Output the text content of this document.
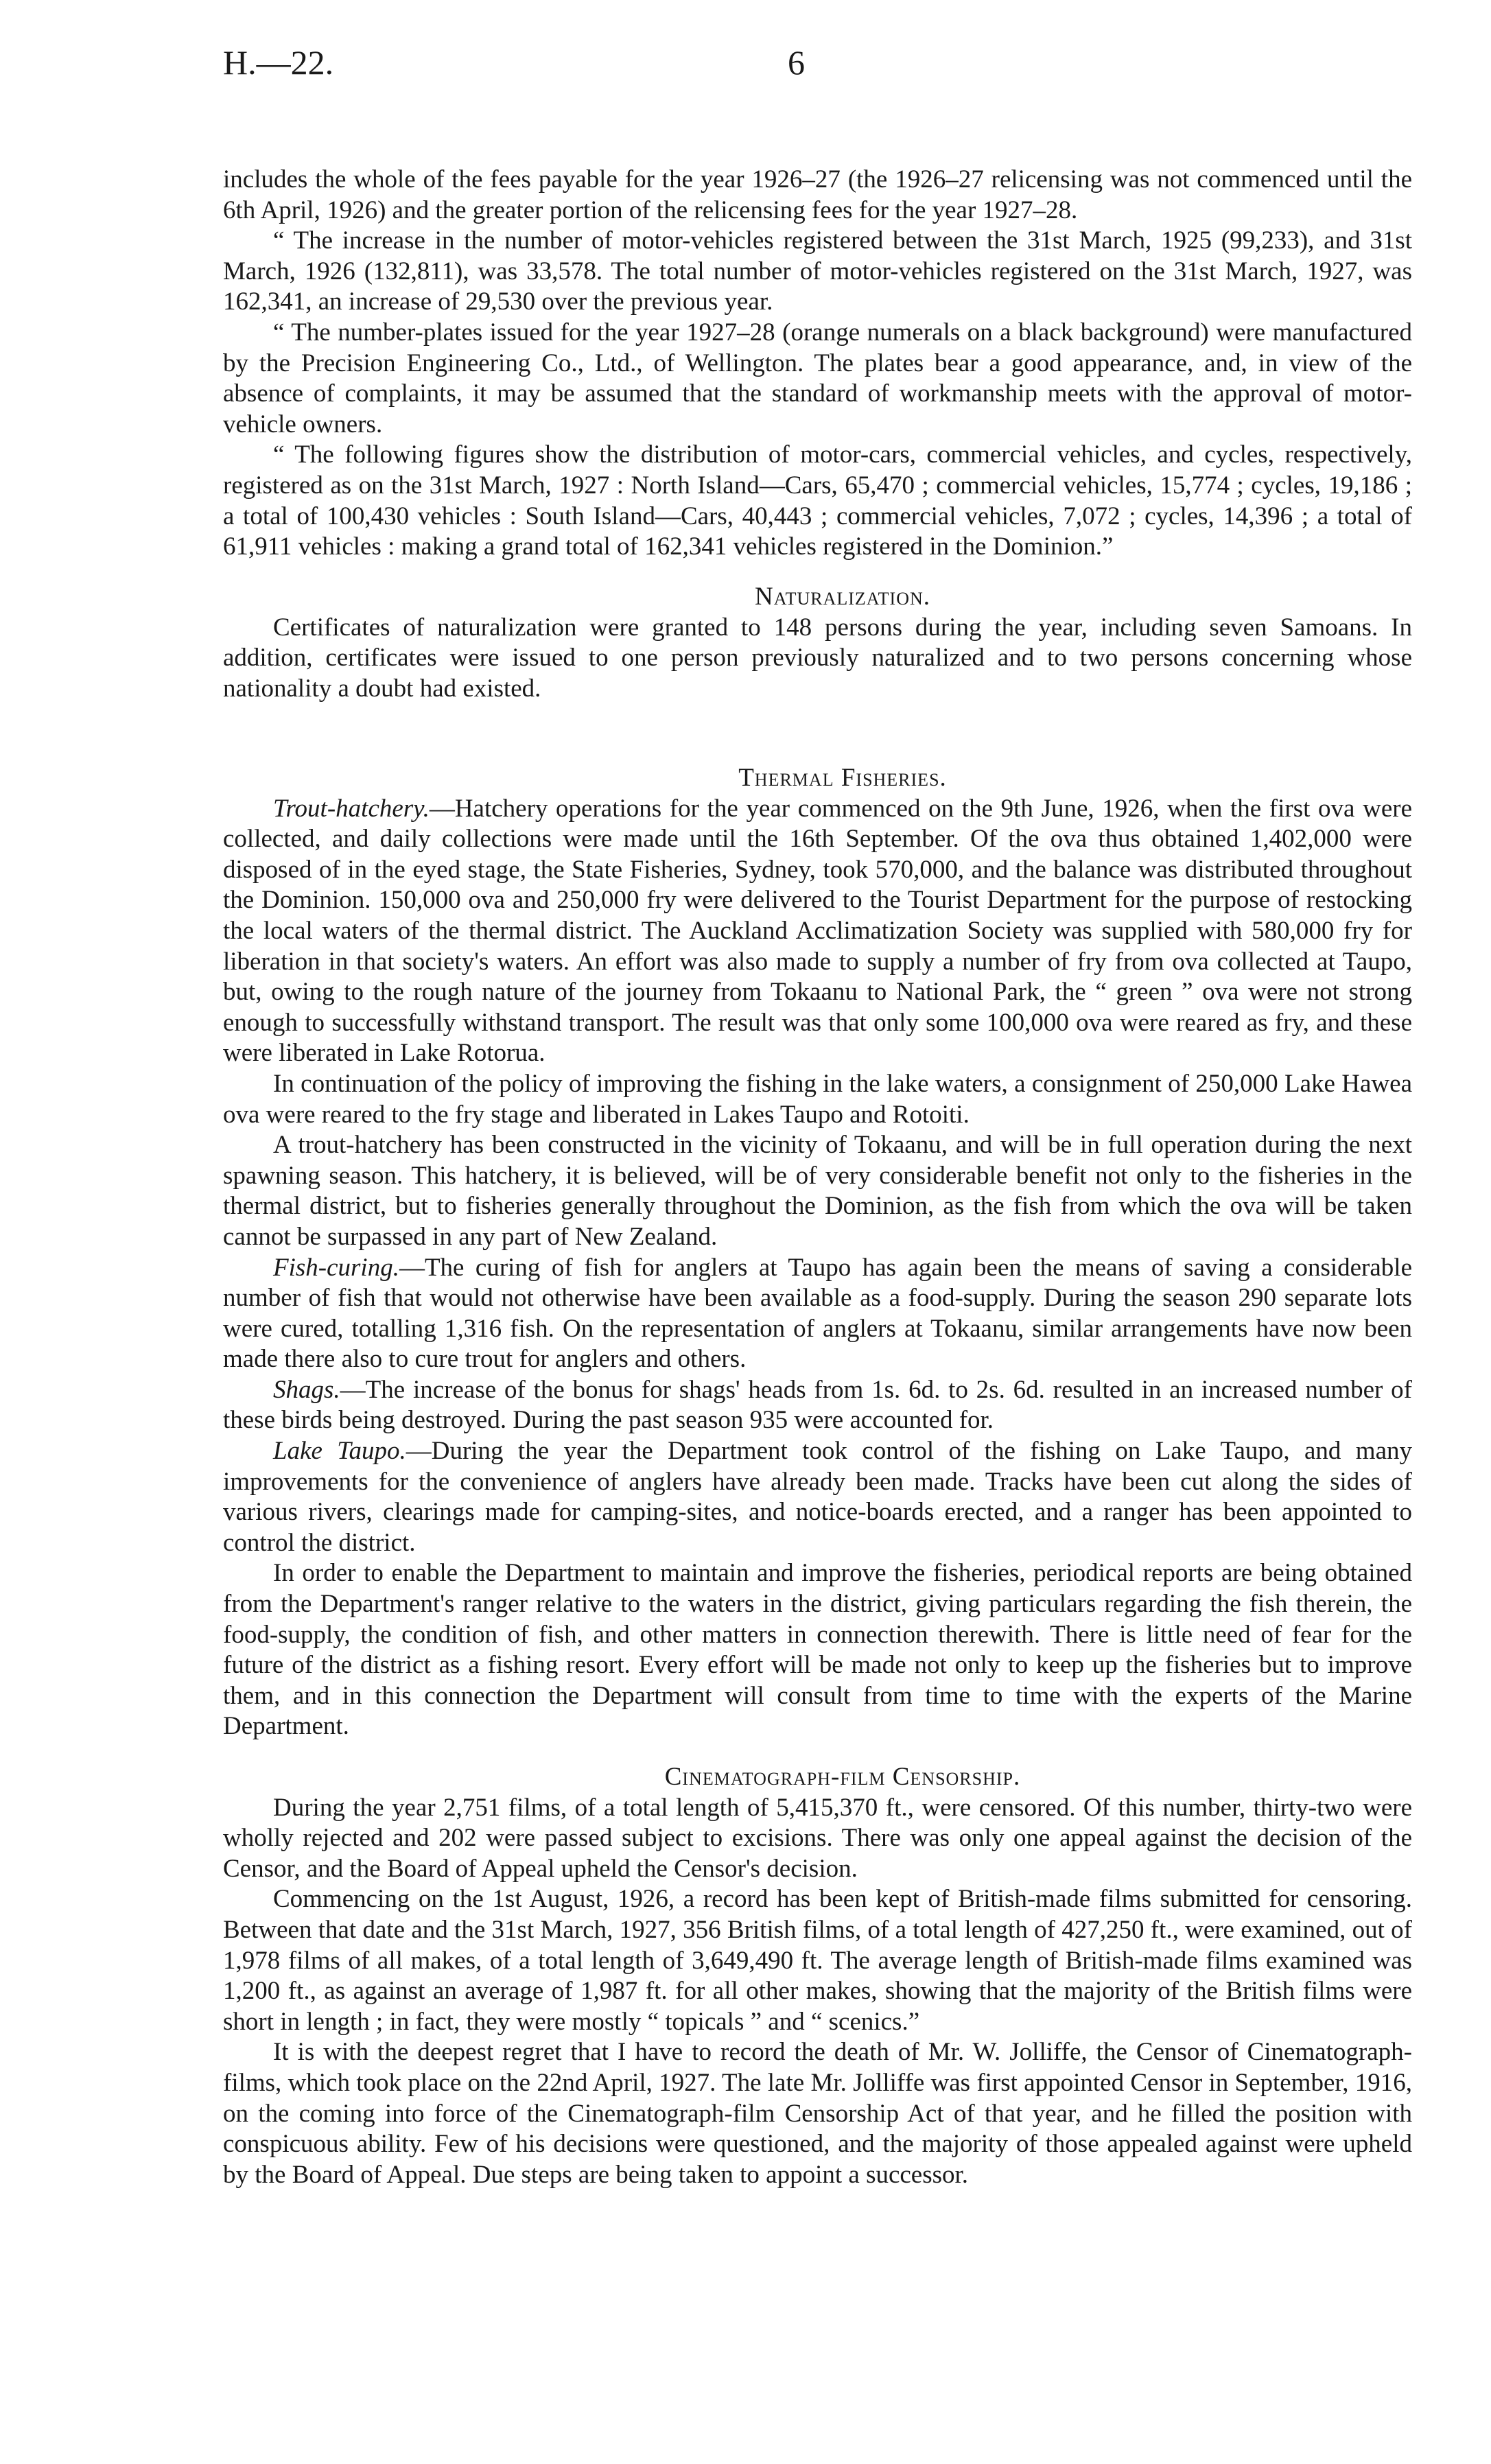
H.—22.	6

includes the whole of the fees payable for the year 1926–27 (the 1926–27 relicensing was not commenced until the 6th April, 1926) and the greater portion of the relicensing fees for the year 1927–28.

“ The increase in the number of motor-vehicles registered between the 31st March, 1925 (99,233), and 31st March, 1926 (132,811), was 33,578. The total number of motor-vehicles registered on the 31st March, 1927, was 162,341, an increase of 29,530 over the previous year.

“ The number-plates issued for the year 1927–28 (orange numerals on a black background) were manufactured by the Precision Engineering Co., Ltd., of Wellington. The plates bear a good appearance, and, in view of the absence of complaints, it may be assumed that the standard of workmanship meets with the approval of motor-vehicle owners.

“ The following figures show the distribution of motor-cars, commercial vehicles, and cycles, respectively, registered as on the 31st March, 1927 : North Island—Cars, 65,470 ; commercial vehicles, 15,774 ; cycles, 19,186 ; a total of 100,430 vehicles : South Island—Cars, 40,443 ; commercial vehicles, 7,072 ; cycles, 14,396 ; a total of 61,911 vehicles : making a grand total of 162,341 vehicles registered in the Dominion.”

Naturalization.

Certificates of naturalization were granted to 148 persons during the year, including seven Samoans. In addition, certificates were issued to one person previously naturalized and to two persons concerning whose nationality a doubt had existed.

Thermal Fisheries.

Trout-hatchery.—Hatchery operations for the year commenced on the 9th June, 1926, when the first ova were collected, and daily collections were made until the 16th September. Of the ova thus obtained 1,402,000 were disposed of in the eyed stage, the State Fisheries, Sydney, took 570,000, and the balance was distributed throughout the Dominion. 150,000 ova and 250,000 fry were delivered to the Tourist Department for the purpose of restocking the local waters of the thermal district. The Auckland Acclimatization Society was supplied with 580,000 fry for liberation in that society's waters. An effort was also made to supply a number of fry from ova collected at Taupo, but, owing to the rough nature of the journey from Tokaanu to National Park, the “ green ” ova were not strong enough to successfully withstand transport. The result was that only some 100,000 ova were reared as fry, and these were liberated in Lake Rotorua.

In continuation of the policy of improving the fishing in the lake waters, a consignment of 250,000 Lake Hawea ova were reared to the fry stage and liberated in Lakes Taupo and Rotoiti.

A trout-hatchery has been constructed in the vicinity of Tokaanu, and will be in full operation during the next spawning season. This hatchery, it is believed, will be of very considerable benefit not only to the fisheries in the thermal district, but to fisheries generally throughout the Dominion, as the fish from which the ova will be taken cannot be surpassed in any part of New Zealand.

Fish-curing.—The curing of fish for anglers at Taupo has again been the means of saving a considerable number of fish that would not otherwise have been available as a food-supply. During the season 290 separate lots were cured, totalling 1,316 fish. On the representation of anglers at Tokaanu, similar arrangements have now been made there also to cure trout for anglers and others.

Shags.—The increase of the bonus for shags' heads from 1s. 6d. to 2s. 6d. resulted in an increased number of these birds being destroyed. During the past season 935 were accounted for.

Lake Taupo.—During the year the Department took control of the fishing on Lake Taupo, and many improvements for the convenience of anglers have already been made. Tracks have been cut along the sides of various rivers, clearings made for camping-sites, and notice-boards erected, and a ranger has been appointed to control the district.

In order to enable the Department to maintain and improve the fisheries, periodical reports are being obtained from the Department's ranger relative to the waters in the district, giving particulars regarding the fish therein, the food-supply, the condition of fish, and other matters in connection therewith. There is little need of fear for the future of the district as a fishing resort. Every effort will be made not only to keep up the fisheries but to improve them, and in this connection the Department will consult from time to time with the experts of the Marine Department.

Cinematograph-film Censorship.

During the year 2,751 films, of a total length of 5,415,370 ft., were censored. Of this number, thirty-two were wholly rejected and 202 were passed subject to excisions. There was only one appeal against the decision of the Censor, and the Board of Appeal upheld the Censor's decision.

Commencing on the 1st August, 1926, a record has been kept of British-made films submitted for censoring. Between that date and the 31st March, 1927, 356 British films, of a total length of 427,250 ft., were examined, out of 1,978 films of all makes, of a total length of 3,649,490 ft. The average length of British-made films examined was 1,200 ft., as against an average of 1,987 ft. for all other makes, showing that the majority of the British films were short in length ; in fact, they were mostly “ topicals ” and “ scenics.”

It is with the deepest regret that I have to record the death of Mr. W. Jolliffe, the Censor of Cinematograph-films, which took place on the 22nd April, 1927. The late Mr. Jolliffe was first appointed Censor in September, 1916, on the coming into force of the Cinematograph-film Censorship Act of that year, and he filled the position with conspicuous ability. Few of his decisions were questioned, and the majority of those appealed against were upheld by the Board of Appeal. Due steps are being taken to appoint a successor.
